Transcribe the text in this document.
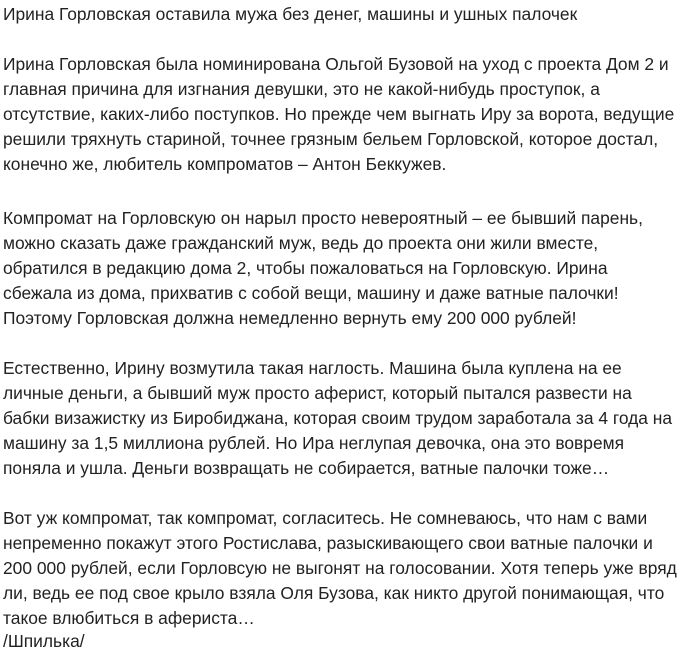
Ирина Горловская оставила мужа без денег, машины и ушных палочек

Ирина Горловская была номинирована Ольгой Бузовой на уход с проекта Дом 2 и
главная причина для изгнания девушки, это не какой-нибудь проступок, а
отсутствие, каких-либо поступков. Но прежде чем выгнать Иру за ворота, ведущие
решили тряхнуть стариной, точнее грязным бельем Горловской, которое достал,
конечно же, любитель компроматов – Антон Беккужев.

Компромат на Горловскую он нарыл просто невероятный – ее бывший парень,
можно сказать даже гражданский муж, ведь до проекта они жили вместе,
обратился в редакцию дома 2, чтобы пожаловаться на Горловскую. Ирина
сбежала из дома, прихватив с собой вещи, машину и даже ватные палочки!
Поэтому Горловская должна немедленно вернуть ему 200 000 рублей!

Естественно, Ирину возмутила такая наглость. Машина была куплена на ее
личные деньги, а бывший муж просто аферист, который пытался развести на
бабки визажистку из Биробиджана, которая своим трудом заработала за 4 года на
машину за 1,5 миллиона рублей. Но Ира неглупая девочка, она это вовремя
поняла и ушла. Деньги возвращать не собирается, ватные палочки тоже…

Вот уж компромат, так компромат, согласитесь. Не сомневаюсь, что нам с вами
непременно покажут этого Ростислава, разыскивающего свои ватные палочки и
200 000 рублей, если Горловсую не выгонят на голосовании. Хотя теперь уже вряд
ли, ведь ее под свое крыло взяла Оля Бузова, как никто другой понимающая, что
такое влюбиться в афериста…

/Шпилька/
